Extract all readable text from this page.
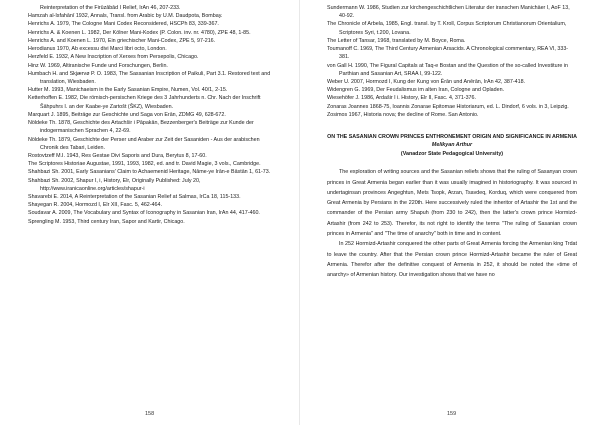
Reinterpretation of the Firūzābād I Relief, IrAn 46, 207-233.

Hamzah al-Isfahānī 1932, Annals, Transl. from Arabic by U.M. Daudpota, Bombay.

Henrichs A. 1979, The Cologne Mani Codex Reconsidered, HSCPh 83, 339-367.

Henrichs A. & Koenen L. 1982, Der Kölner Mani-Kodex (P. Colon. inv. nr. 4780), ZPE 48, 1-85.

Henrichs A. and Koenen L. 1970, Ein griechischer Mani-Codex, ZPE 5, 97-216.

Herodianus 1970, Ab excessu divi Marci libri octo, London.

Herzfeld E. 1932, A New Inscription of Xerxes from Persepolis, Chicago.

Hinz W. 1969, Altiranische Funde und Forschungen, Berlin.

Humbach H. and Skjærvø P. O. 1983, The Sassanian Inscription of Paikuli, Part 3.1. Restored text and translation, Wiesbaden.

Hutter M. 1993, Manichaeism in the Early Sasanian Empire, Numen, Vol. 40/1, 2-15.

Ketterhoffen E. 1982, Die römisch-persischen Kriege des 3 Jahrhunderts n. Chr. Nach der Inschrift Šāhpuhrs I. an der Kaabe-ye Zartošt (ŠKZ), Wiesbaden.

Marquart J. 1895, Beiträge zur Geschichte und Saga von Erān, ZDMG 49, 628-672.

Nöldeke Th. 1878, Geschichte des Artachšir i Pāpakān, Bezzenberger's Beiträge zur Kunde der indogermanischen Sprachen 4, 22-69.

Nöldeke Th. 1879, Geschichte der Perser und Araber zur Zeit der Sasaniden - Aus der arabischen Chronik des Tabari, Leiden.

Rostovtzeff M.I. 1943, Res Gestae Divi Saporis and Dura, Berytus 8, 17-60.

The Scriptores Historiae Augustae, 1991, 1993, 1982, ed. and tr. David Magie, 3 vols., Cambridge.

Shahbazi Sh. 2001, Early Sasanians' Claim to Achaemenid Heritage, Nāme-ye Irān-e Bāstān 1, 61-73.

Shahbazi Sh. 2002, Shapur I, i, History, Elr, Originally Published: July 20, http://www.iranicaonline.org/articles/shapur-i

Shavarebi E. 2014, A Reinterpretation of the Sasanian Relief at Salmas, IrCa 18, 115-133.

Shayegan R. 2004, Hormozd I, Elr XII, Fasc. 5, 462-464.

Soudavar A. 2009, The Vocabulary and Syntax of Iconography in Sasanian Iran, IrAn 44, 417-460.

Sprengling M. 1953, Third century Iran, Sapor and Kartir, Chicago.

Sundermann W. 1986, Studien zur kirchengeschichtlichen Literatur der iranschen Manichäer I, AoF 13, 40-92.

The Chronicle of Arbela, 1985, Engl. transl. by T. Kroll, Corpus Scriptorum Christianorum Orientalium, Scriptores Syri, t.200, Lovana.

The Letter of Tansar, 1968, translated by M. Boyce, Roma.

Toumanoff C. 1969, The Third Century Armenian Arsacids. A Chronological commentary, REA VI, 333-381.

von Gall H. 1990, The Figural Capitals at Taq-e Bostan and the Question of the so-called Investiture in Parthian and Sasanian Art, SRAA I, 99-122.

Weber U. 2007, Hormozd I, Kung der Kung von Ērān und Anērān, IrAn 42, 387-418.

Widengren G. 1969, Der Feudalismus im alten Iran, Cologne and Opladen.

Wiesehöfer J. 1986, Ardašir I i. History, Elr II, Fasc. 4, 371-376.

Zonaras Joannes 1868-75, Ioannis Zonarae Epitomae Historiarum, ed. L. Dindorf, 6 vols. in 3, Leipzig.

Zosimos 1967, Historia nova; the decline of Rome. San Antonio.

ON THE SASANIAN CROWN PRINCES ENTHRONEMENT ORIGIN AND SIGNIFICANCE IN ARMENIA
Melikyan Arthur
(Vanadzor State Pedagogical University)

The exploration of writing sources and the Sasanian reliefs shows that the ruling of Sasanyan crown princes in Great Armenia began earlier than it was usually imagined in historiography. It was sourced in undertaginsan provinces Angeghtun, Mets Tsopk, Arzan, Tsavdeq, Korduq, which were conquered from Great Armenia by Persians in the 220th. Here successively ruled the inheritor of Artashir the 1st and the commander of the Persian army Shapuh (from 230 to 242), then the latter's crown prince Hormizd-Artashir (from 242 to 253). Therefor, its not right to identify the terms "The ruling of Sasanian crown princes in Armenia" and "The time of anarchy" both in time and in content.

In 252 Hormizd-Artashir conquered the other parts of Great Armenia forcing the Armenian king Trdat to leave the country. After that the Persian crown prince Hormizd-Artashir became the ruler of Great Armenia. Therefor after the definitive conquest of Armenia in 252, it should be noted the «time of anarchy» of Armenian history. Our investigation shows that we have no

158	159
